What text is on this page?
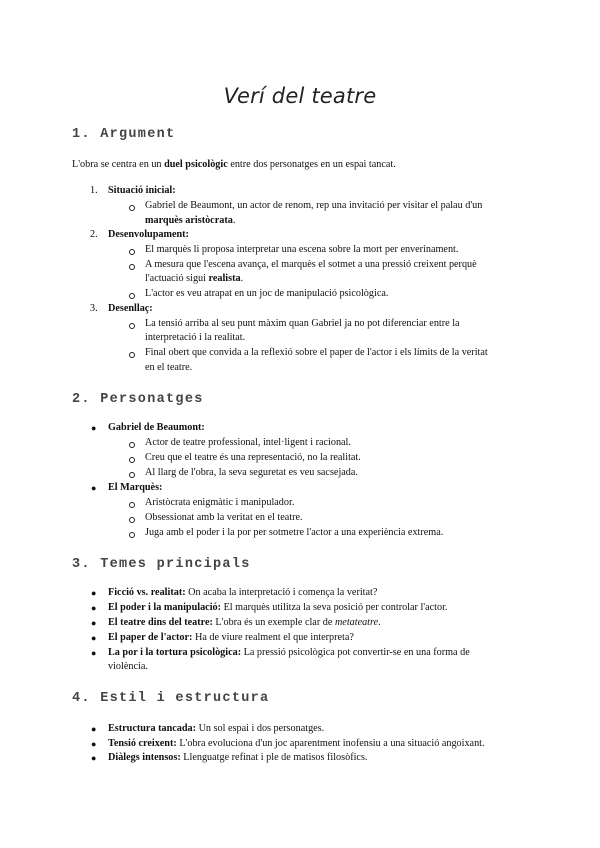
Verí del teatre
1. Argument
L'obra se centra en un duel psicològic entre dos personatges en un espai tancat.
1. Situació inicial:
Gabriel de Beaumont, un actor de renom, rep una invitació per visitar el palau d'un
marquès aristòcrata.
2. Desenvolupament:
El marquès li proposa interpretar una escena sobre la mort per enverinament.
A mesura que l'escena avança, el marquès el sotmet a una pressió creixent perquè
l'actuació sigui realista.
L'actor es veu atrapat en un joc de manipulació psicològica.
3. Desenllaç:
La tensió arriba al seu punt màxim quan Gabriel ja no pot diferenciar entre la
interpretació i la realitat.
Final obert que convida a la reflexió sobre el paper de l'actor i els límits de la veritat
en el teatre.
2. Personatges
● Gabriel de Beaumont:
Actor de teatre professional, intel·ligent i racional.
Creu que el teatre és una representació, no la realitat.
Al llarg de l'obra, la seva seguretat es veu sacsejada.
● El Marquès:
Aristòcrata enigmàtic i manipulador.
Obsessionat amb la veritat en el teatre.
Juga amb el poder i la por per sotmetre l'actor a una experiència extrema.
3. Temes principals
● Ficció vs. realitat: On acaba la interpretació i comença la veritat?
● El poder i la manipulació: El marquès utilitza la seva posició per controlar l'actor.
● El teatre dins del teatre: L'obra és un exemple clar de metateatre.
● El paper de l'actor: Ha de viure realment el que interpreta?
● La por i la tortura psicològica: La pressió psicològica pot convertir-se en una forma de
violència.
4. Estil i estructura
● Estructura tancada: Un sol espai i dos personatges.
● Tensió creixent: L'obra evoluciona d'un joc aparentment inofensiu a una situació angoixant.
● Diàlegs intensos: Llenguatge refinat i ple de matisos filosòfics.
